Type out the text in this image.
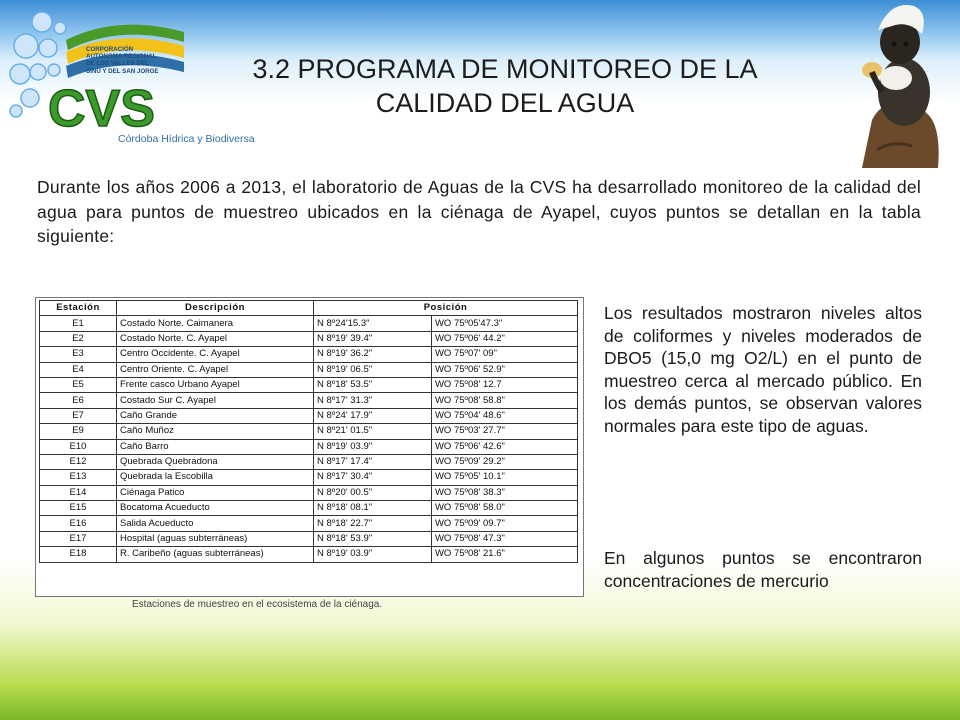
CVS
CORPORACIÓN
AUTONOMA REGIONAL
DE LOS VALLES DEL
SINU Y DEL SAN JORGE
Córdoba Hídrica y Biodiversa
3.2 PROGRAMA DE MONITOREO DE LA
CALIDAD DEL AGUA
Durante los años 2006 a 2013, el laboratorio de Aguas de la CVS ha desarrollado monitoreo de la calidad del agua para puntos de muestreo ubicados en la ciénaga de Ayapel, cuyos puntos se detallan en la tabla siguiente:
Estación	Descripción	Posición	
E1	Costado Norte. Caimanera	N 8º24'15.3"	WO 75º05'47.3"
E2	Costado Norte. C. Ayapel	N 8º19' 39.4"	WO 75º06' 44.2"
E3	Centro Occidente. C. Ayapel	N 8º19' 36.2"	WO 75º07' 09"
E4	Centro Oriente. C. Ayapel	N 8º19' 06.5"	WO 75º06' 52.9"
E5	Frente casco Urbano Ayapel	N 8º18' 53.5"	WO 75º08' 12.7
E6	Costado Sur C. Ayapel	N 8º17' 31.3"	WO 75º08' 58.8"
E7	Caño Grande	N 8º24' 17.9"	WO 75º04' 48.6"
E9	Caño Muñoz	N 8º21' 01.5"	WO 75º03' 27.7"
E10	Caño Barro	N 8º19' 03.9"	WO 75º06' 42.6"
E12	Quebrada Quebradona	N 8º17' 17.4"	WO 75º09' 29.2"
E13	Quebrada la Escobilla	N 8º17' 30.4"	WO 75º05' 10.1"
E14	Ciénaga Patico	N 8º20' 00.5"	WO 75º08' 38.3"
E15	Bocatoma Acueducto	N 8º18' 08.1"	WO 75º08' 58.0"
E16	Salida Acueducto	N 8º18' 22.7"	WO 75º09' 09.7"
E17	Hospital (aguas subterráneas)	N 8º18' 53.9"	WO 75º08' 47.3"
E18	R. Caribeño (aguas subterráneas)	N 8º19' 03.9"	WO 75º08' 21.6"
Estaciones de muestreo en el ecosistema de la ciénaga.
Los resultados mostraron niveles altos de coliformes y niveles moderados de DBO5 (15,0 mg O2/L) en el punto de muestreo cerca al mercado público. En los demás puntos, se observan valores normales para este tipo de aguas.
En algunos puntos se encontraron concentraciones de mercurio
